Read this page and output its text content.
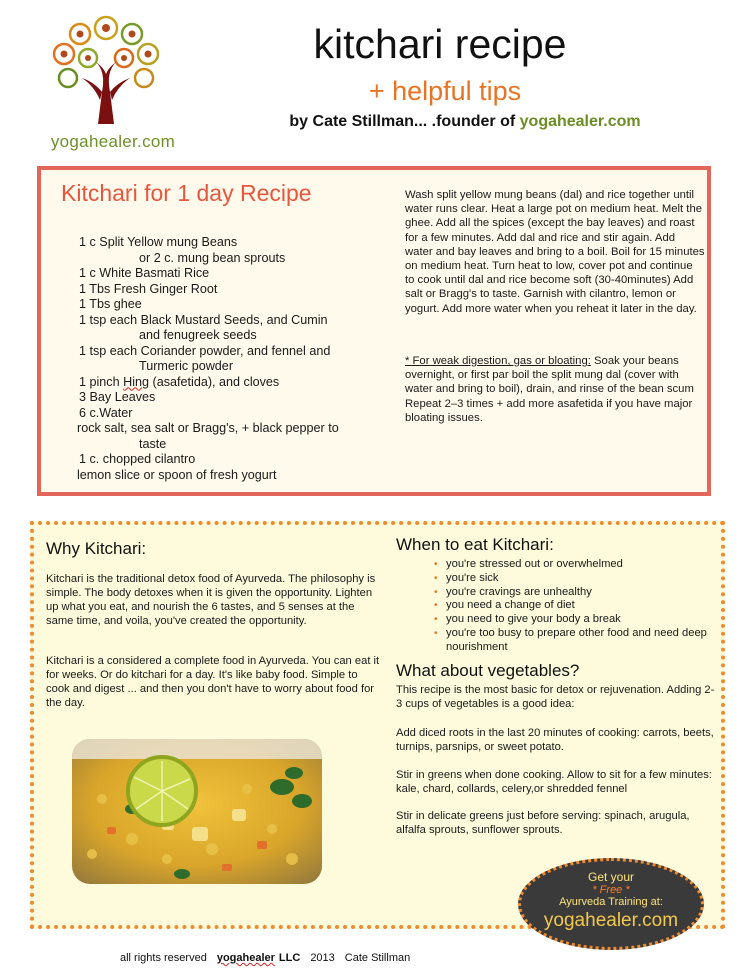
yogahealer.com
kitchari recipe
+ helpful tips
by Cate Stillman... .founder of yogahealer.com
Kitchari for 1 day Recipe
1 c Split Yellow mung Beans
or 2 c. mung bean sprouts
1 c White Basmati Rice
1 Tbs Fresh Ginger Root
1 Tbs ghee
1 tsp each Black Mustard Seeds, and Cumin
and fenugreek seeds
1 tsp each Coriander powder, and fennel and
Turmeric powder
1 pinch Hing (asafetida), and cloves
3 Bay Leaves
6 c.Water
rock salt, sea salt or Bragg's, + black pepper to
taste
1 c. chopped cilantro
lemon slice or spoon of fresh yogurt
Wash split yellow mung beans (dal) and rice together until water runs clear. Heat a large pot on medium heat. Melt the ghee. Add all the spices (except the bay leaves) and roast for a few minutes. Add dal and rice and stir again. Add water and bay leaves and bring to a boil. Boil for 15 minutes on medium heat. Turn heat to low, cover pot and continue to cook until dal and rice become soft (30-40minutes) Add salt or Bragg's to taste. Garnish with cilantro, lemon or yogurt. Add more water when you reheat it later in the day.
* For weak digestion, gas or bloating: Soak your beans overnight, or first par boil the split mung dal (cover with water and bring to boil), drain, and rinse of the bean scum Repeat 2–3 times + add more asafetida if you have major bloating issues.
Why Kitchari:
Kitchari is the traditional detox food of Ayurveda. The philosophy is simple. The body detoxes when it is given the opportunity. Lighten up what you eat, and nourish the 6 tastes, and 5 senses at the same time, and voila, you've created the opportunity.
Kitchari is a considered a complete food in Ayurveda. You can eat it for weeks. Or do kitchari for a day. It's like baby food. Simple to cook and digest ... and then you don't have to worry about food for the day.
When to eat Kitchari:
• you're stressed out or overwhelmed
• you're sick
• you're cravings are unhealthy
• you need a change of diet
• you need to give your body a break
• you're too busy to prepare other food and need deep nourishment
What about vegetables?
This recipe is the most basic for detox or rejuvenation. Adding 2-3 cups of vegetables is a good idea:
Add diced roots in the last 20 minutes of cooking: carrots, beets, turnips, parsnips, or sweet potato.
Stir in greens when done cooking. Allow to sit for a few minutes: kale, chard, collards, celery,or shredded fennel
Stir in delicate greens just before serving: spinach, arugula, alfalfa sprouts, sunflower sprouts.
Get your
* Free *
Ayurveda Training at:
yogahealer.com
all rights reserved yogahealer LLC 2013 Cate Stillman
